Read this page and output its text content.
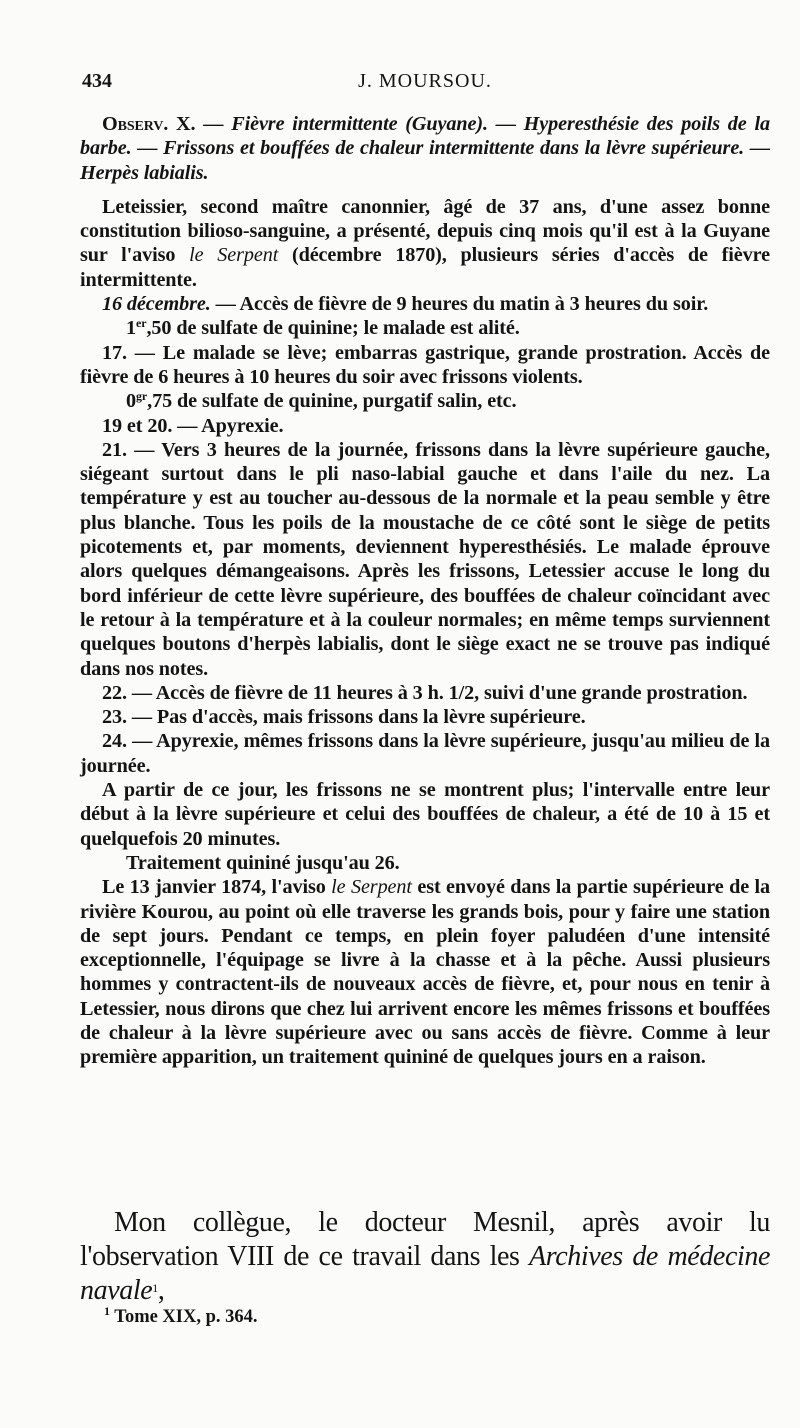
434	J. MOURSOU.

Observ. X. — Fièvre intermittente (Guyane). — Hyperesthésie des poils de la barbe. — Frissons et bouffées de chaleur intermittente dans la lèvre supérieure. — Herpès labialis.

Leteissier, second maître canonnier, âgé de 37 ans, d'une assez bonne constitution bilioso-sanguine, a présenté, depuis cinq mois qu'il est à la Guyane sur l'aviso le Serpent (décembre 1870), plusieurs séries d'accès de fièvre intermittente.

16 décembre. — Accès de fièvre de 9 heures du matin à 3 heures du soir.

1er,50 de sulfate de quinine; le malade est alité.

17. — Le malade se lève; embarras gastrique, grande prostration. Accès de fièvre de 6 heures à 10 heures du soir avec frissons violents.

$0^{gr},75$ de sulfate de quinine, purgatif salin, etc.

19 et 20. — Apyrexie.

21. — Vers 3 heures de la journée, frissons dans la lèvre supérieure gauche, siégeant surtout dans le pli naso-labial gauche et dans l'aile du nez. La température y est au toucher au-dessous de la normale et la peau semble y être plus blanche. Tous les poils de la moustache de ce côté sont le siège de petits picotements et, par moments, deviennent hyperesthésiés. Le malade éprouve alors quelques démangeaisons. Après les frissons, Letessier accuse le long du bord inférieur de cette lèvre supérieure, des bouffées de chaleur coïncidant avec le retour à la température et à la couleur normales; en même temps surviennent quelques boutons d'herpès labialis, dont le siège exact ne se trouve pas indiqué dans nos notes.

22. — Accès de fièvre de 11 heures à 3 h. 1/2, suivi d'une grande prostration.

23. — Pas d'accès, mais frissons dans la lèvre supérieure.

24. — Apyrexie, mêmes frissons dans la lèvre supérieure, jusqu'au milieu de la journée.

A partir de ce jour, les frissons ne se montrent plus; l'intervalle entre leur début à la lèvre supérieure et celui des bouffées de chaleur, a été de 10 à 15 et quelquefois 20 minutes.

Traitement quininé jusqu'au 26.

Le 13 janvier 1874, l'aviso le Serpent est envoyé dans la partie supérieure de la rivière Kourou, au point où elle traverse les grands bois, pour y faire une station de sept jours. Pendant ce temps, en plein foyer paludéen d'une intensité exceptionnelle, l'équipage se livre à la chasse et à la pêche. Aussi plusieurs hommes y contractent-ils de nouveaux accès de fièvre, et, pour nous en tenir à Letessier, nous dirons que chez lui arrivent encore les mêmes frissons et bouffées de chaleur à la lèvre supérieure avec ou sans accès de fièvre. Comme à leur première apparition, un traitement quininé de quelques jours en a raison.

Mon collègue, le docteur Mesnil, après avoir lu l'observation VIII de ce travail dans les Archives de médecine navale$^1$,

$^1$ Tome XIX, p. 364.
